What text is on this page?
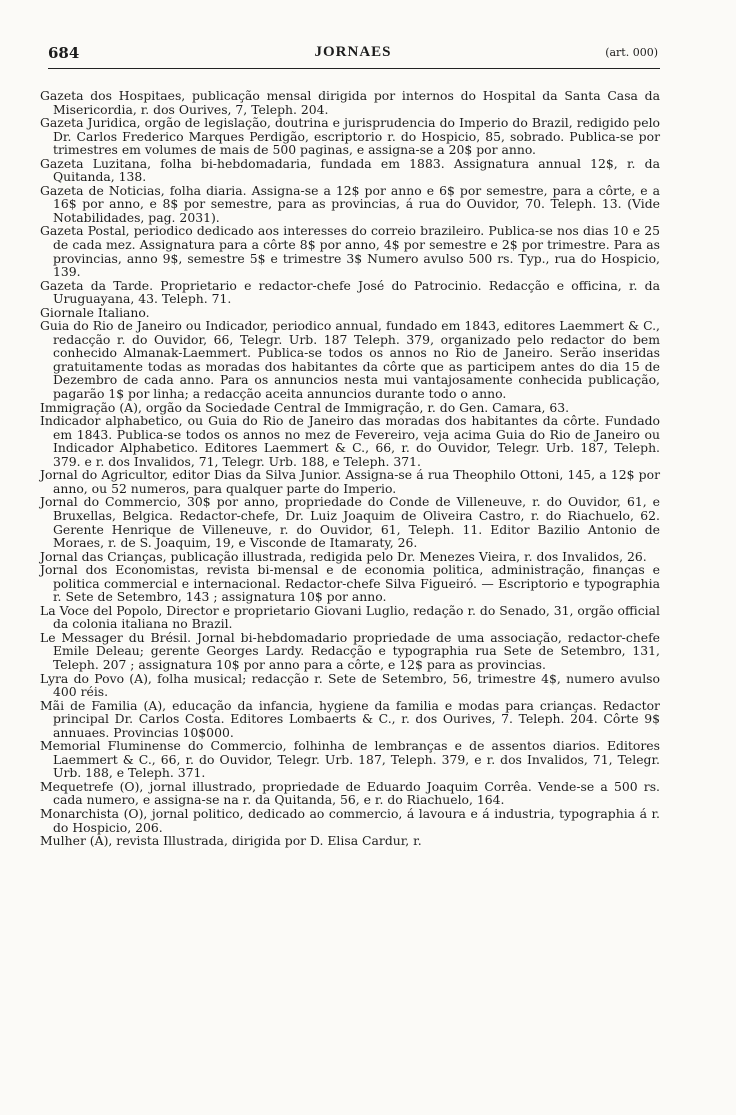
JORNAES
684	(art. 000)

Gazeta dos Hospitaes, publicação mensal dirigida por internos do Hospital da Santa Casa da Misericordia, r. dos Ourives, 7, Teleph. 204.

Gazeta Juridica, orgão de legislação, doutrina e jurisprudencia do Imperio do Brazil, redigido pelo Dr. Carlos Frederico Marques Perdigão, escriptorio r. do Hospicio, 85, sobrado. Publica-se por trimestres em volumes de mais de 500 paginas, e assigna-se a 20$ por anno.

Gazeta Luzitana, folha bi-hebdomadaria, fundada em 1883. Assignatura annual 12$, r. da Quitanda, 138.

Gazeta de Noticias, folha diaria. Assigna-se a 12$ por anno e 6$ por semestre, para a côrte, e a 16$ por anno, e 8$ por semestre, para as provincias, á rua do Ouvidor, 70. Teleph. 13. (Vide Notabilidades, pag. 2031).

Gazeta Postal, periodico dedicado aos interesses do correio brazileiro. Publica-se nos dias 10 e 25 de cada mez. Assignatura para a côrte 8$ por anno, 4$ por semestre e 2$ por trimestre. Para as provincias, anno 9$, semestre 5$ e trimestre 3$ Numero avulso 500 rs. Typ., rua do Hospicio, 139.

Gazeta da Tarde. Proprietario e redactor-chefe José do Patrocinio. Redacção e officina, r. da Uruguayana, 43. Teleph. 71.

Giornale Italiano.

Guia do Rio de Janeiro ou Indicador, periodico annual, fundado em 1843, editores Laemmert & C., redacção r. do Ouvidor, 66, Telegr. Urb. 187 Teleph. 379, organizado pelo redactor do bem conhecido Almanak-Laemmert. Publica-se todos os annos no Rio de Janeiro. Serão inseridas gratuitamente todas as moradas dos habitantes da côrte que as participem antes do dia 15 de Dezembro de cada anno. Para os annuncios nesta mui vantajosamente conhecida publicação, pagarão 1$ por linha; a redacção aceita annuncios durante todo o anno.

Immigração (A), orgão da Sociedade Central de Immigração, r. do Gen. Camara, 63.

Indicador alphabetico, ou Guia do Rio de Janeiro das moradas dos habitantes da côrte. Fundado em 1843. Publica-se todos os annos no mez de Fevereiro, veja acima Guia do Rio de Janeiro ou Indicador Alphabetico. Editores Laemmert & C., 66, r. do Ouvidor, Telegr. Urb. 187, Teleph. 379. e r. dos Invalidos, 71, Telegr. Urb. 188, e Teleph. 371.

Jornal do Agricultor, editor Dias da Silva Junior. Assigna-se á rua Theophilo Ottoni, 145, a 12$ por anno, ou 52 numeros, para qualquer parte do Imperio.

Jornal do Commercio, 30$ por anno, propriedade do Conde de Villeneuve, r. do Ouvidor, 61, e Bruxellas, Belgica. Redactor-chefe, Dr. Luiz Joaquim de Oliveira Castro, r. do Riachuelo, 62. Gerente Henrique de Villeneuve, r. do Ouvidor, 61, Teleph. 11. Editor Bazilio Antonio de Moraes, r. de S. Joaquim, 19, e Visconde de Itamaraty, 26.

Jornal das Crianças, publicação illustrada, redigida pelo Dr. Menezes Vieira, r. dos Invalidos, 26.

Jornal dos Economistas, revista bi-mensal e de economia politica, administração, finanças e politica commercial e internacional. Redactor-chefe Silva Figueiró. — Escriptorio e typographia r. Sete de Setembro, 143 ; assignatura 10$ por anno.

La Voce del Popolo, Director e proprietario Giovani Luglio, redação r. do Senado, 31, orgão official da colonia italiana no Brazil.

Le Messager du Brésil. Jornal bi-hebdomadario propriedade de uma associação, redactor-chefe Emile Deleau; gerente Georges Lardy. Redacção e typographia rua Sete de Setembro, 131, Teleph. 207 ; assignatura 10$ por anno para a côrte, e 12$ para as provincias.

Lyra do Povo (A), folha musical; redacção r. Sete de Setembro, 56, trimestre 4$, numero avulso 400 réis.

Mãi de Familia (A), educação da infancia, hygiene da familia e modas para crianças. Redactor principal Dr. Carlos Costa. Editores Lombaerts & C., r. dos Ourives, 7. Teleph. 204. Côrte 9$ annuaes. Provincias 10$000.

Memorial Fluminense do Commercio, folhinha de lembranças e de assentos diarios. Editores Laemmert & C., 66, r. do Ouvidor, Telegr. Urb. 187, Teleph. 379, e r. dos Invalidos, 71, Telegr. Urb. 188, e Teleph. 371.

Mequetrefe (O), jornal illustrado, propriedade de Eduardo Joaquim Corrêa. Vende-se a 500 rs. cada numero, e assigna-se na r. da Quitanda, 56, e r. do Riachuelo, 164.

Monarchista (O), jornal politico, dedicado ao commercio, á lavoura e á industria, typographia á r. do Hospicio, 206.

Mulher (A), revista Illustrada, dirigida por D. Elisa Cardur, r.
